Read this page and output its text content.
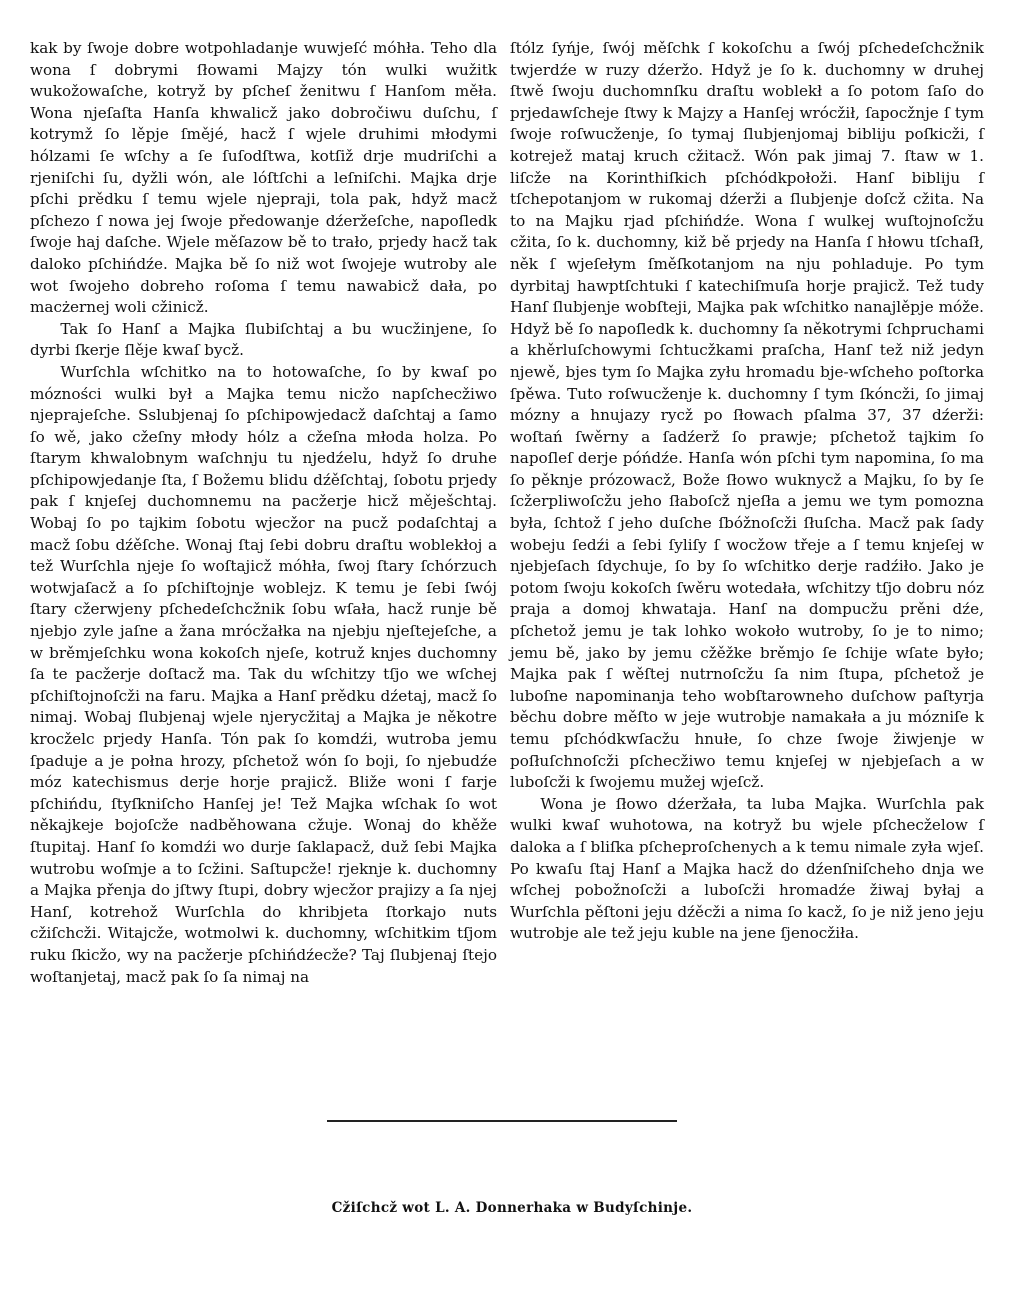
kak by ſwoje dobre wotpohladanje wuwjeſć móhła. Teho dla wona ſ dobrymi ſłowami Majzy tón wulki wužitk wukožowaſche, kotryž by pſcheſ ženitwu ſ Hanſom měła. Wona njeſaſta Hanſa khwalicž jako dobročiwu duſchu, ſ kotrymž ſo lěpje ſmějé, hacž ſ wjele druhimi młodymi hólzami ſe wſchy a ſe ſuſodſtwa, kotſiž drje mudriſchi a rjeniſchi ſu, dyžli wón, ale lóſtſchi a leſniſchi. Majka drje pſchi prědku ſ temu wjele njepraji, tola pak, hdyž macž pſchezo ſ nowa jej ſwoje předowanje dźeržeſche, napoſledk ſwoje haj daſche. Wjele měſazow bě to trało, prjedy hacž tak daloko pſchińdźe. Majka bě ſo niž wot ſwojeje wutroby ale wot ſwojeho dobreho roſoma ſ temu nawabicž dała, po macżernej woli cžinicž.

Tak ſo Hanſ a Majka ſlubiſchtaj a bu wucžinjene, ſo dyrbi ſkerje ſlěje kwaſ bycž.

Wurſchla wſchitko na to hotowaſche, ſo by kwaſ po mózności wulki był a Majka temu nicžo napſchecžiwo njeprajeſche. Sslubjenaj ſo pſchipowjedacž daſchtaj a ſamo ſo wě, jako cžeſny młody hólz a cžeſna młoda holza. Po ſtarym khwalobnym waſchnju tu njedźelu, hdyž ſo druhe pſchipowjedanje ſta, ſ Božemu blidu dźěſchtaj, ſobotu prjedy pak ſ knjeſej duchomnemu na pacžerje hicž měješchtaj. Wobaj ſo po tajkim ſobotu wjecžor na pucž podaſchtaj a macž ſobu dźěſche. Wonaj ſtaj ſebi dobru draſtu woblekłoj a tež Wurſchla njeje ſo woſtajicž móhła, ſwoj ſtary ſchórzuch wotwjaſacž a ſo pſchiſtojnje woblejz. K temu je ſebi ſwój ſtary cžerwjeny pſchedeſchcžnik ſobu wſała, hacž runje bě njebjo zyle jaſne a žana mrócžałka na njebju njeſtejeſche, a w brěmjeſchku wona kokoſch njeſe, kotruž knjes duchomny ſa te pacžerje doſtacž ma. Tak du wſchitzy tſjo we wſchej pſchiſtojnoſcži na faru. Majka a Hanſ prědku dźetaj, macž ſo nimaj. Wobaj ſlubjenaj wjele njerycžitaj a Majka je někotre krocželc prjedy Hanſa. Tón pak ſo komdźi, wutroba jemu ſpaduje a je połna hrozy, pſchetož wón ſo boji, ſo njebudźe móz katechismus derje horje prajicž. Bliže woni ſ farje pſchińdu, ſtyſkniſcho Hanſej je! Tež Majka wſchak ſo wot někajkeje bojoſcže nadběhowana cžuje. Wonaj do khěže ſtupitaj. Hanſ ſo komdźi wo durje ſaklapacž, duž ſebi Majka wutrobu woſmje a to ſcžini. Saſtupcže! rjeknje k. duchomny a Majka přenja do jſtwy ſtupi, dobry wjecžor prajizy a ſa njej Hanſ, kotrehož Wurſchla do khribjeta ſtorkajo nuts cžiſchcži. Witajcže, wotmolwi k. duchomny, wſchitkim tſjom ruku ſkicžo, wy na pacžerje pſchińdźecže? Taj ſlubjenaj ſtejo woſtanjetaj, macž pak ſo ſa nimaj na

ſtólz ſyńje, ſwój měſchk ſ kokoſchu a ſwój pſchedeſchcžnik twjerdźe w ruzy dźeržo. Hdyž je ſo k. duchomny w druhej ſtwě ſwoju duchomnſku draſtu woblekł a ſo potom ſaſo do prjedawſcheje ſtwy k Majzy a Hanſej wrócžił, ſapocžnje ſ tym ſwoje roſwucženje, ſo tymaj ſlubjenjomaj bibliju poſkicži, ſ kotrejež mataj kruch cžitacž. Wón pak jimaj 7. ſtaw w 1. liſcže na Korinthiſkich pſchódkpołoži. Hanſ bibliju ſ tſchepotanjom w rukomaj dźerži a ſlubjenje doſcž cžita. Na to na Majku rjad pſchińdźe. Wona ſ wulkej wuſtojnoſcžu cžita, ſo k. duchomny, kiž bě prjedy na Hanſa ſ hłowu tſchaſł, něk ſ wjeſełym ſměſkotanjom na nju pohladuje. Po tym dyrbitaj hawptſchtuki ſ katechiſmuſa horje prajicž. Tež tudy Hanſ ſlubjenje wobſteji, Majka pak wſchitko nanajlěpje móže. Hdyž bě ſo napoſledk k. duchomny ſa někotrymi ſchpruchami a khěrluſchowymi ſchtucžkami praſcha, Hanſ tež niž jedyn njewě, bjes tym ſo Majka zyłu hromadu bje-wſcheho poſtorka ſpěwa. Tuto roſwucženje k. duchomny ſ tym ſkóncži, ſo jimaj mózny a hnujazy rycž po ſłowach pſalma 37, 37 dźerži: woſtań ſwěrny a ſadźerž ſo prawje; pſchetož tajkim ſo napoſleſ derje póńdźe. Hanſa wón pſchi tym napomina, ſo ma ſo pěknje prózowacž, Bože ſłowo wuknycž a Majku, ſo by ſe ſcžerpliwoſcžu jeho ſłaboſcž njeſła a jemu we tym pomozna była, ſchtož ſ jeho duſche ſbóžnoſcži ſłuſcha. Macž pak ſady wobeju ſedźi a ſebi ſyliſy ſ wocžow třeje a ſ temu knjeſej w njebjeſach ſdychuje, ſo by ſo wſchitko derje radźiło. Jako je potom ſwoju kokoſch ſwěru wotedała, wſchitzy tſjo dobru nóz praja a domoj khwataja. Hanſ na dompucžu prěni dźe, pſchetož jemu je tak lohko wokoło wutroby, ſo je to nimo; jemu bě, jako by jemu cžěžke brěmjo ſe ſchije wſate było; Majka pak ſ wěſtej nutrnoſcžu ſa nim ſtupa, pſchetož je luboſne napominanja teho wobſtarowneho duſchow paſtyrja běchu dobre měſto w jeje wutrobje namakała a ju mózniſe k temu pſchódkwſacžu hnułe, ſo chze ſwoje žiwjenje w poſłuſchnoſcži pſchecžiwo temu knjeſej w njebjeſach a w luboſcži k ſwojemu mužej wjeſcž.

Wona je ſłowo dźeržała, ta luba Majka. Wurſchla pak wulki kwaſ wuhotowa, na kotryž bu wjele pſchecželow ſ daloka a ſ bliſka pſcheproſchenych a k temu nimale zyła wjeſ. Po kwaſu ſtaj Hanſ a Majka hacž do dźenſniſcheho dnja we wſchej pobožnoſcži a luboſcži hromadźe žiwaj byłaj a Wurſchla pěſtoni jeju dźěcži a nima ſo kacž, ſo je niž jeno jeju wutrobje ale tež jeju kuble na jene ſjenocžiła.

Cžiſchcž wot L. A. Donnerhaka w Budyſchinje.
